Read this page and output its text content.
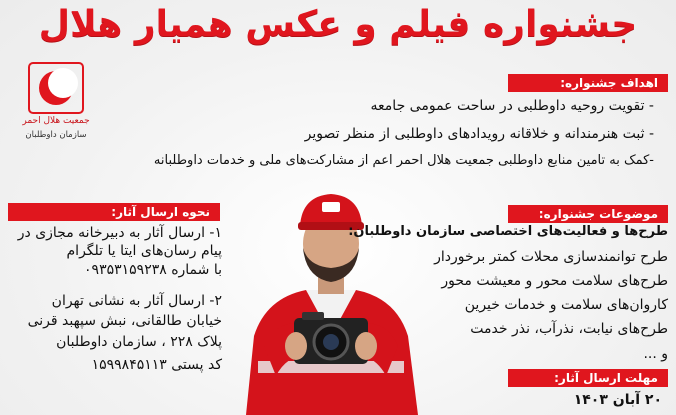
جشنواره فیلم و عکس همیار هلال
جمعیت هلال احمر
سازمان داوطلبان
اهداف جشنواره:
- تقویت روحیه داوطلبی در ساحت عمومی جامعه
- ثبت هنرمندانه و خلاقانه رویدادهای داوطلبی از منظر تصویر
-کمک به تامین منابع داوطلبی جمعیت هلال احمر اعم از مشارکت‌های ملی و خدمات داوطلبانه
نحوه ارسال آثار:
۱- ارسال آثار به دبیرخانه مجازی در
پیام رسان‌های ایتا یا تلگرام
با شماره ۰۹۳۵۳۱۵۹۲۳۸
۲- ارسال آثار به نشانی تهران
خیابان طالقانی، نبش سپهبد قرنی
پلاک ۲۲۸ ، سازمان داوطلبان
کد پستی ۱۵۹۹۸۴۵۱۱۳
موضوعات جشنواره:
طرح‌ها و فعالیت‌های اختصاصی سازمان داوطلبان:
طرح توانمندسازی محلات کمتر برخوردار
طرح‌های سلامت محور و معیشت محور
کاروان‌های سلامت و خدمات خیرین
طرح‌های نیابت، نذرآب، نذر خدمت
و ...
مهلت ارسال آثار:
۲۰ آبان ۱۴۰۳
